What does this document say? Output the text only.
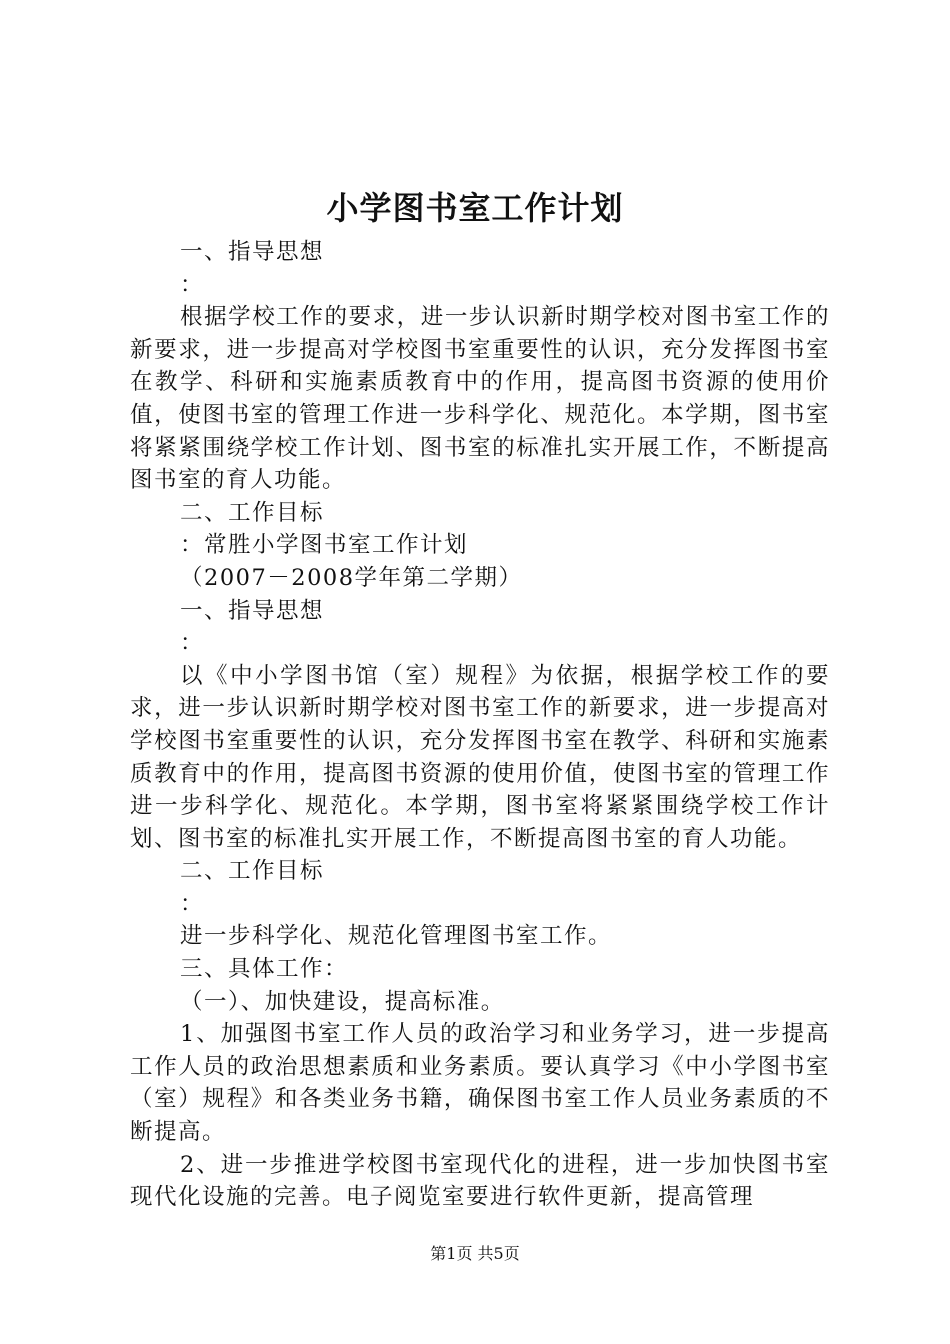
小学图书室工作计划

一、指导思想

：

根据学校工作的要求，进一步认识新时期学校对图书室工作的新要求，进一步提高对学校图书室重要性的认识，充分发挥图书室在教学、科研和实施素质教育中的作用，提高图书资源的使用价值，使图书室的管理工作进一步科学化、规范化。本学期，图书室将紧紧围绕学校工作计划、图书室的标准扎实开展工作，不断提高图书室的育人功能。

二、工作目标

：常胜小学图书室工作计划

（2007－2008学年第二学期）

一、指导思想

：

以《中小学图书馆（室）规程》为依据，根据学校工作的要求，进一步认识新时期学校对图书室工作的新要求，进一步提高对学校图书室重要性的认识，充分发挥图书室在教学、科研和实施素质教育中的作用，提高图书资源的使用价值，使图书室的管理工作进一步科学化、规范化。本学期，图书室将紧紧围绕学校工作计划、图书室的标准扎实开展工作，不断提高图书室的育人功能。

二、工作目标

：

进一步科学化、规范化管理图书室工作。

三、具体工作：

（一）、加快建设，提高标准。

1、加强图书室工作人员的政治学习和业务学习，进一步提高工作人员的政治思想素质和业务素质。要认真学习《中小学图书室（室）规程》和各类业务书籍，确保图书室工作人员业务素质的不断提高。

2、进一步推进学校图书室现代化的进程，进一步加快图书室现代化设施的完善。电子阅览室要进行软件更新，提高管理

第1页 共5页
